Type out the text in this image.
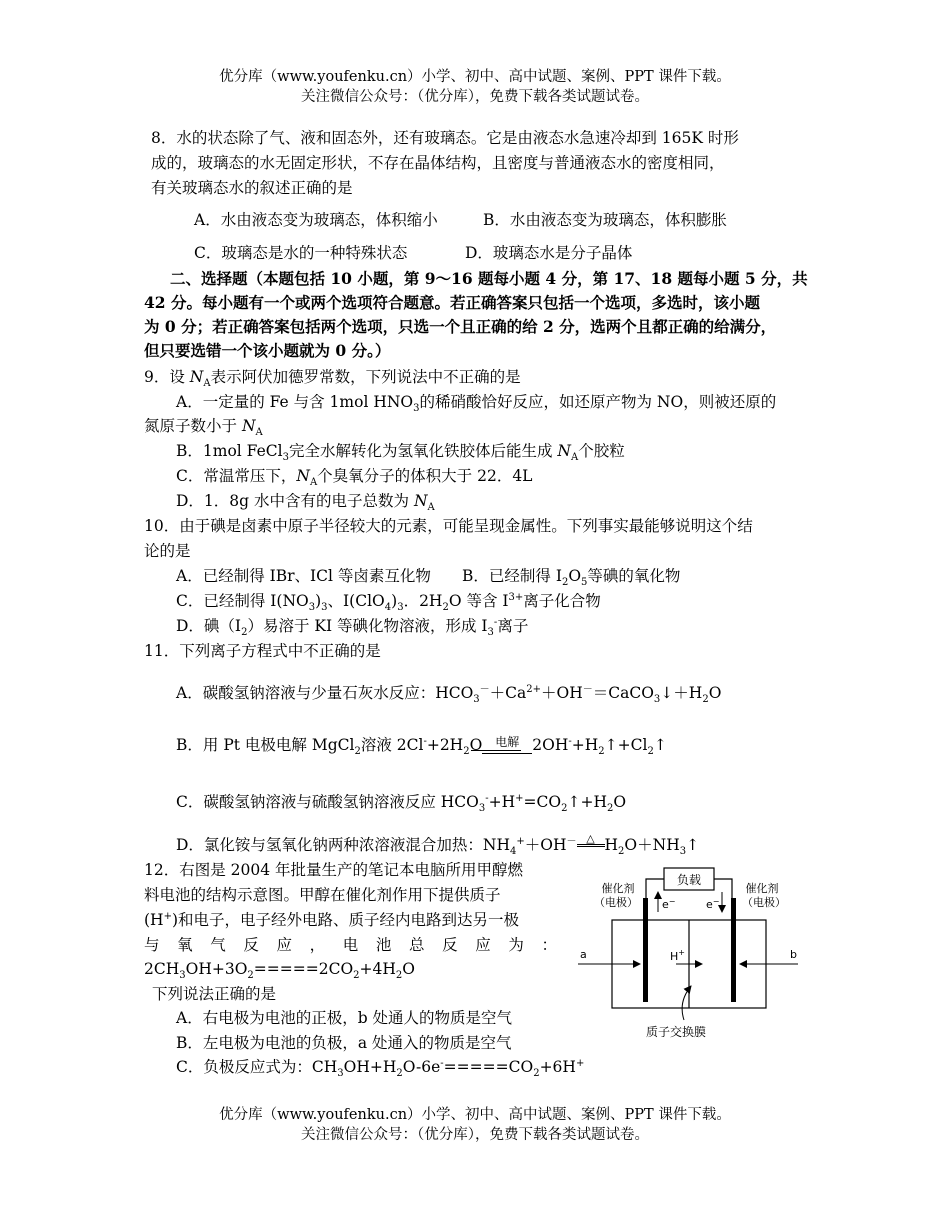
优分库（www.youfenku.cn）小学、初中、高中试题、案例、PPT 课件下载。
关注微信公众号：（优分库），免费下载各类试题试卷。
8．水的状态除了气、液和固态外，还有玻璃态。它是由液态水急速冷却到 165K 时形
成的，玻璃态的水无固定形状，不存在晶体结构，且密度与普通液态水的密度相同，
有关玻璃态水的叙述正确的是
A．水由液态变为玻璃态，体积缩小	B．水由液态变为玻璃态，体积膨胀
C．玻璃态是水的一种特殊状态	D．玻璃态水是分子晶体
二、选择题（本题包括 10 小题，第 9～16 题每小题 4 分，第 17、18 题每小题 5 分，共
42 分。每小题有一个或两个选项符合题意。若正确答案只包括一个选项，多选时，该小题
为 0 分；若正确答案包括两个选项，只选一个且正确的给 2 分，选两个且都正确的给满分，
但只要选错一个该小题就为 0 分。）
9．设 $N_A$表示阿伏加德罗常数，下列说法中不正确的是
A．一定量的 Fe 与含 1mol $HNO_3$的稀硝酸恰好反应，如还原产物为 NO，则被还原的
氮原子数小于 $N_A$
B．1mol FeCl$_3$完全水解转化为氢氧化铁胶体后能生成 $N_A$个胶粒
C．常温常压下，$N_A$个臭氧分子的体积大于 22．4L
D．1．8g 水中含有的电子总数为 $N_A$
10．由于碘是卤素中原子半径较大的元素，可能呈现金属性。下列事实最能够说明这个结
论的是
A．已经制得 IBr、ICl 等卤素互化物 B．已经制得 $I_2O_5$等碘的氧化物
C．已经制得 $I(NO_3)_3$、$I(ClO_4)_3$．$2H_2O$ 等含 $I^{3+}$离子化合物
D．碘$(I_2)$易溶于 KI 等碘化物溶液，形成 $I_3^-$离子
11．下列离子方程式中不正确的是
A．碳酸氢钠溶液与少量石灰水反应：$HCO_3^-+Ca^{2+}+OH^-=CaCO_3↓+H_2O$
B．用 Pt 电极电解 MgCl$_2$溶液 $2Cl^-+2H_2O$ 电解 $2OH^-+H_2↑+Cl_2↑$
C．碳酸氢钠溶液与硫酸氢钠溶液反应 $HCO_3^-+H^+=CO_2↑+H_2O$
D．氯化铵与氢氧化钠两种浓溶液混合加热：$NH_4^++OH^-$ △ $H_2O+NH_3↑$
12．右图是 2004 年批量生产的笔记本电脑所用甲醇燃
料电池的结构示意图。甲醇在催化剂作用下提供质子
(H+)和电子，电子经外电路、质子经内电路到达另一极
与 氧 气 反 应 ， 电 池 总 反 应 为 ：
$2CH_3OH+3O_2=====2CO_2+4H_2O$
下列说法正确的是
A．右电极为电池的正极，b 处通人的物质是空气
B．左电极为电池的负极，a 处通入的物质是空气
C．负极反应式为：$CH_3OH+H_2O-6e^-=====CO_2+6H^+$
负载
e−	e−
催化剂
（电极）
催化剂
（电极）
H+
a	b
质子交换膜
优分库（www.youfenku.cn）小学、初中、高中试题、案例、PPT 课件下载。
关注微信公众号：（优分库），免费下载各类试题试卷。
